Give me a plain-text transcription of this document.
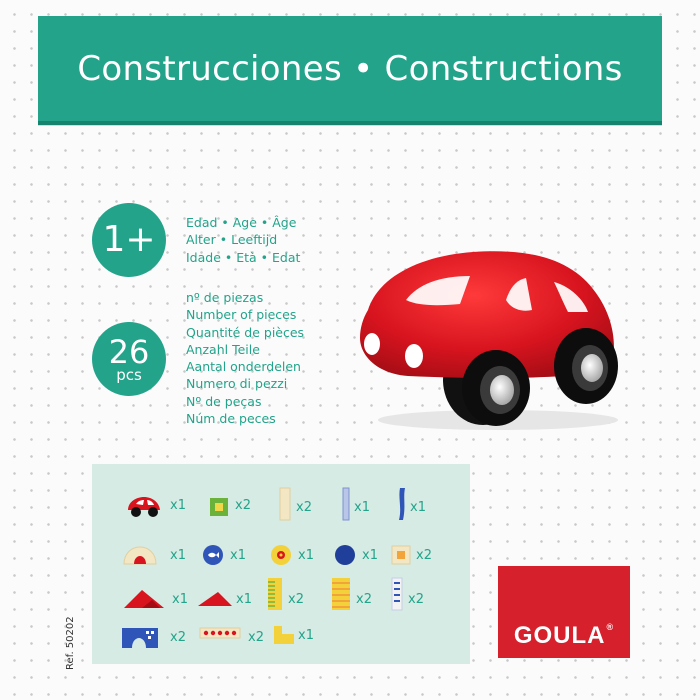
Construcciones • Constructions
1+ Edad • Age • Âge
Alter • Leeftijd
Idade • Età • Edat
26
pcs
nº de piezas
Number of pieces
Quantité de pièces
Anzahl Teile
Aantal onderdelen
Numero di pezzi
Nº de peças
Núm de peces
x1	x2	x2	x1	x1
x1	x1	x1	x1	x2
x1	x1	x2	x2	x2
x2	x2	x1
Ref. 50202	GOULA®
